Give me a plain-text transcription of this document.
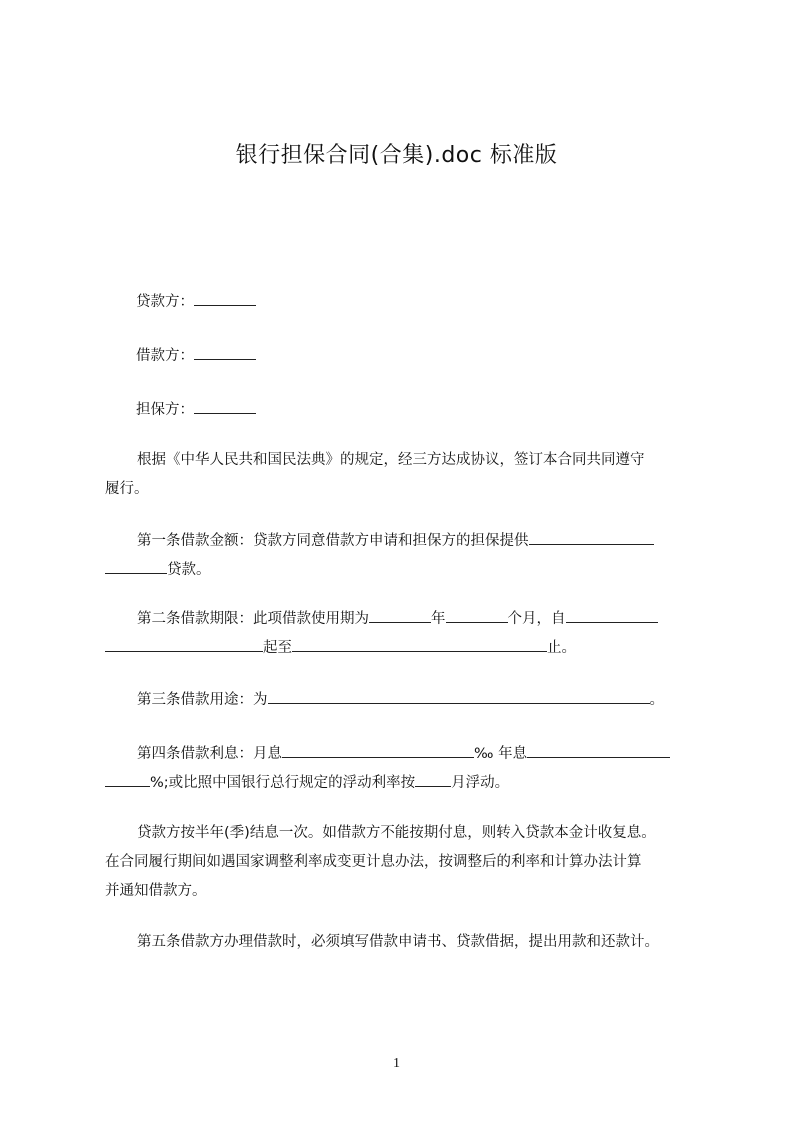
银行担保合同(合集).doc 标准版
贷款方：
借款方：
担保方：
根据《中华人民共和国民法典》的规定，经三方达成协议，签订本合同共同遵守
履行。
第一条借款金额：贷款方同意借款方申请和担保方的担保提供
贷款。
第二条借款期限：此项借款使用期为	年	个月，自
起至	止。
第三条借款用途：为	。
第四条借款利息：月息	‰ 年息
%;或比照中国银行总行规定的浮动利率按 月浮动。
贷款方按半年(季)结息一次。如借款方不能按期付息，则转入贷款本金计收复息。
在合同履行期间如遇国家调整利率成变更计息办法，按调整后的利率和计算办法计算
并通知借款方。
第五条借款方办理借款时，必须填写借款申请书、贷款借据，提出用款和还款计。
1
